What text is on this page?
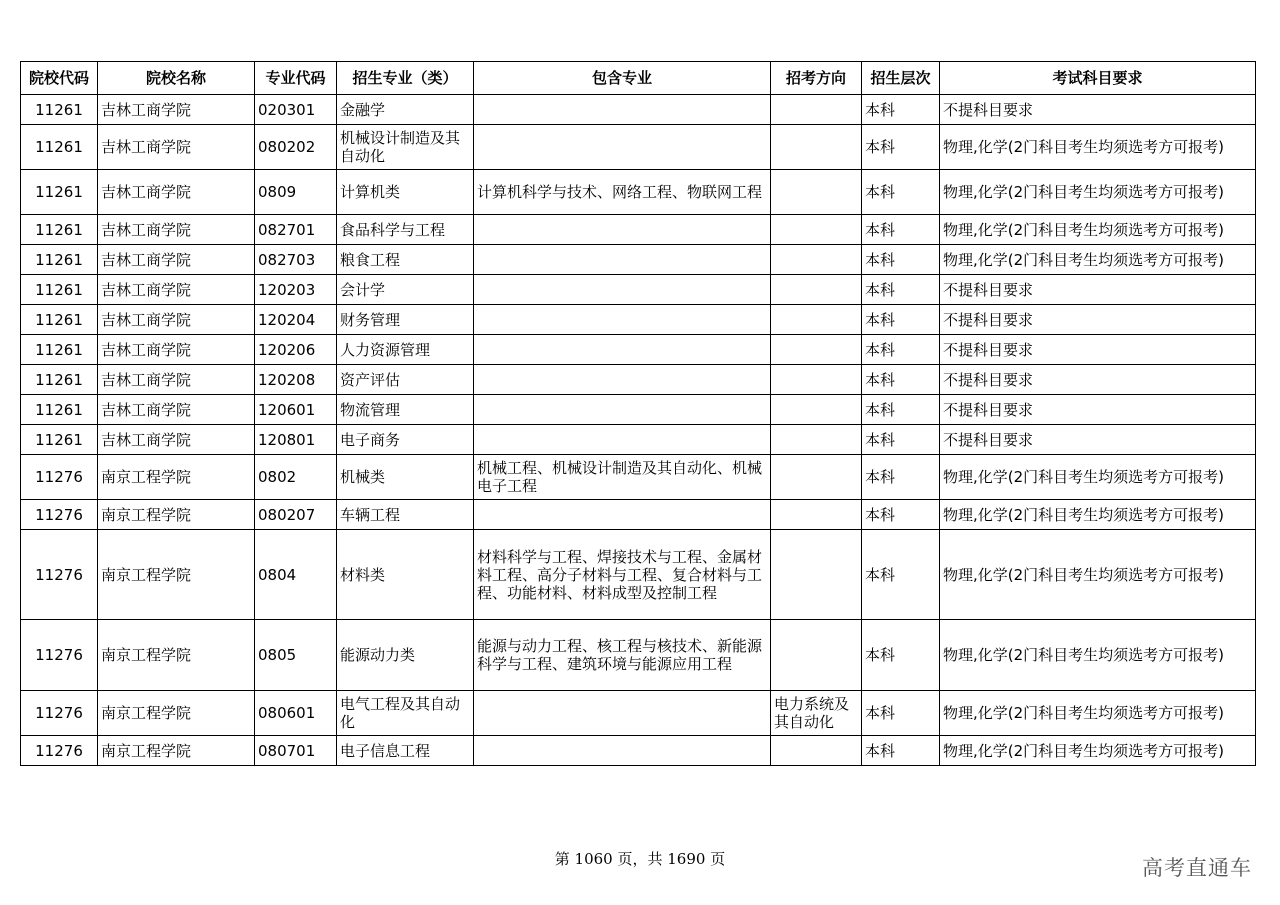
院校代码	院校名称	专业代码	招生专业（类）	包含专业	招考方向	招生层次	考试科目要求
11261	吉林工商学院	020301	金融学			本科	不提科目要求
11261	吉林工商学院	080202	机械设计制造及其自动化			本科	物理,化学(2门科目考生均须选考方可报考)
11261	吉林工商学院	0809	计算机类	计算机科学与技术、网络工程、物联网工程		本科	物理,化学(2门科目考生均须选考方可报考)
11261	吉林工商学院	082701	食品科学与工程			本科	物理,化学(2门科目考生均须选考方可报考)
11261	吉林工商学院	082703	粮食工程			本科	物理,化学(2门科目考生均须选考方可报考)
11261	吉林工商学院	120203	会计学			本科	不提科目要求
11261	吉林工商学院	120204	财务管理			本科	不提科目要求
11261	吉林工商学院	120206	人力资源管理			本科	不提科目要求
11261	吉林工商学院	120208	资产评估			本科	不提科目要求
11261	吉林工商学院	120601	物流管理			本科	不提科目要求
11261	吉林工商学院	120801	电子商务			本科	不提科目要求
11276	南京工程学院	0802	机械类	机械工程、机械设计制造及其自动化、机械电子工程		本科	物理,化学(2门科目考生均须选考方可报考)
11276	南京工程学院	080207	车辆工程			本科	物理,化学(2门科目考生均须选考方可报考)
11276	南京工程学院	0804	材料类	材料科学与工程、焊接技术与工程、金属材料工程、高分子材料与工程、复合材料与工程、功能材料、材料成型及控制工程		本科	物理,化学(2门科目考生均须选考方可报考)
11276	南京工程学院	0805	能源动力类	能源与动力工程、核工程与核技术、新能源科学与工程、建筑环境与能源应用工程		本科	物理,化学(2门科目考生均须选考方可报考)
11276	南京工程学院	080601	电气工程及其自动化		电力系统及其自动化	本科	物理,化学(2门科目考生均须选考方可报考)
11276	南京工程学院	080701	电子信息工程			本科	物理,化学(2门科目考生均须选考方可报考)
第 1060 页，共 1690 页	高考直通车
